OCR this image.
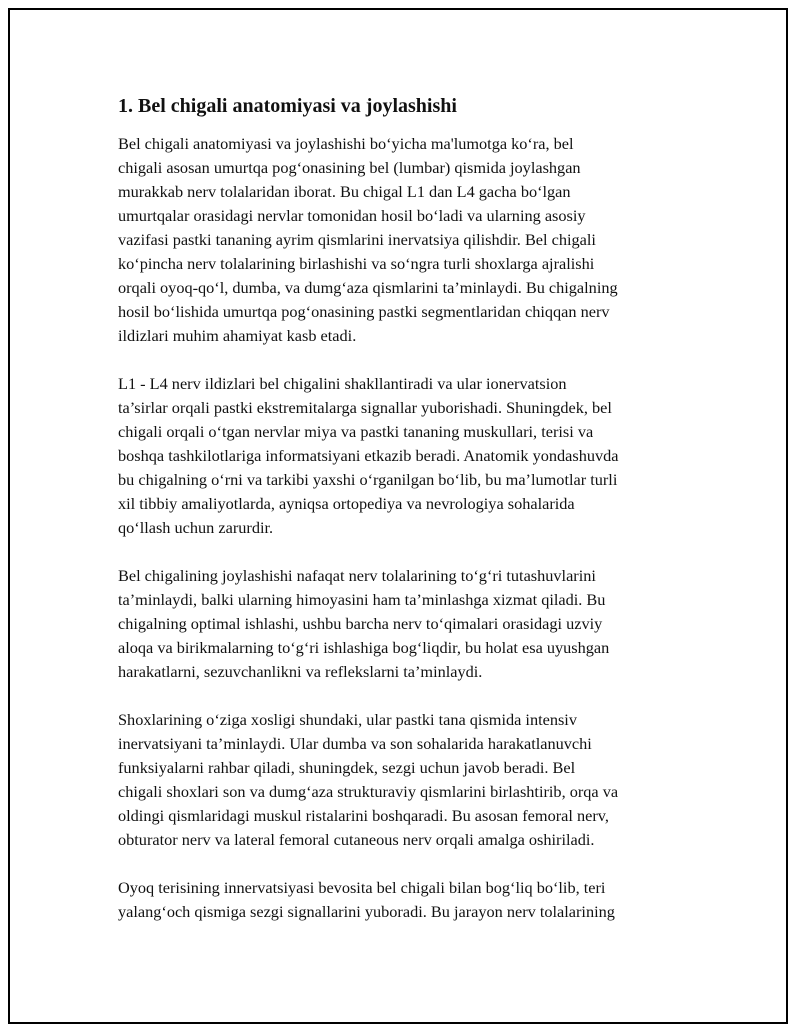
1. Bel chigali anatomiyasi va joylashishi

Bel chigali anatomiyasi va joylashishi bo‘yicha ma'lumotga ko‘ra, bel
chigali asosan umurtqa pog‘onasining bel (lumbar) qismida joylashgan
murakkab nerv tolalaridan iborat. Bu chigal L1 dan L4 gacha bo‘lgan
umurtqalar orasidagi nervlar tomonidan hosil bo‘ladi va ularning asosiy
vazifasi pastki tananing ayrim qismlarini inervatsiya qilishdir. Bel chigali
ko‘pincha nerv tolalarining birlashishi va so‘ngra turli shoxlarga ajralishi
orqali oyoq-qo‘l, dumba, va dumg‘aza qismlarini ta’minlaydi. Bu chigalning
hosil bo‘lishida umurtqa pog‘onasining pastki segmentlaridan chiqqan nerv
ildizlari muhim ahamiyat kasb etadi.

L1 - L4 nerv ildizlari bel chigalini shakllantiradi va ular ionervatsion
ta’sirlar orqali pastki ekstremitalarga signallar yuborishadi. Shuningdek, bel
chigali orqali o‘tgan nervlar miya va pastki tananing muskullari, terisi va
boshqa tashkilotlariga informatsiyani etkazib beradi. Anatomik yondashuvda
bu chigalning o‘rni va tarkibi yaxshi o‘rganilgan bo‘lib, bu ma’lumotlar turli
xil tibbiy amaliyotlarda, ayniqsa ortopediya va nevrologiya sohalarida
qo‘llash uchun zarurdir.

Bel chigalining joylashishi nafaqat nerv tolalarining to‘g‘ri tutashuvlarini
ta’minlaydi, balki ularning himoyasini ham ta’minlashga xizmat qiladi. Bu
chigalning optimal ishlashi, ushbu barcha nerv to‘qimalari orasidagi uzviy
aloqa va birikmalarning to‘g‘ri ishlashiga bog‘liqdir, bu holat esa uyushgan
harakatlarni, sezuvchanlikni va reflekslarni ta’minlaydi.

Shoxlarining o‘ziga xosligi shundaki, ular pastki tana qismida intensiv
inervatsiyani ta’minlaydi. Ular dumba va son sohalarida harakatlanuvchi
funksiyalarni rahbar qiladi, shuningdek, sezgi uchun javob beradi. Bel
chigali shoxlari son va dumg‘aza strukturaviy qismlarini birlashtirib, orqa va
oldingi qismlaridagi muskul ristalarini boshqaradi. Bu asosan femoral nerv,
obturator nerv va lateral femoral cutaneous nerv orqali amalga oshiriladi.

Oyoq terisining innervatsiyasi bevosita bel chigali bilan bog‘liq bo‘lib, teri
yalang‘och qismiga sezgi signallarini yuboradi. Bu jarayon nerv tolalarining
